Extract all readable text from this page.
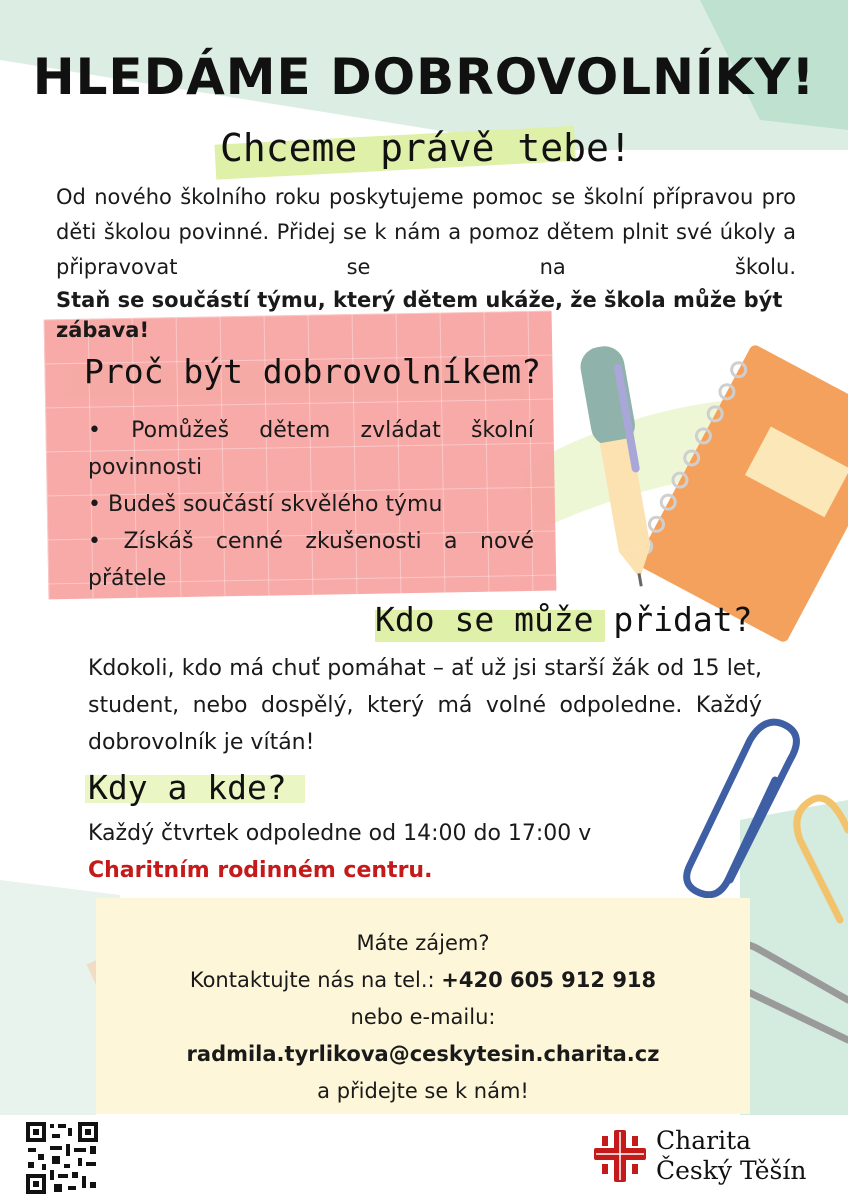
HLEDÁME DOBROVOLNÍKY!
Chceme právě tebe!

Od nového školního roku poskytujeme pomoc se školní přípravou pro děti školou povinné. Přidej se k nám a pomoz dětem plnit své úkoly a připravovat se na školu.

Staň se součástí týmu, který dětem ukáže, že škola může být zábava!

Proč být dobrovolníkem?
• Pomůžeš dětem zvládat školní povinnosti
• Budeš součástí skvělého týmu
• Získáš cenné zkušenosti a nové přátele
Kdo se může přidat?

Kdokoli, kdo má chuť pomáhat – ať už jsi starší žák od 15 let, student, nebo dospělý, který má volné odpoledne. Každý dobrovolník je vítán!

Kdy a kde?
Každý čtvrtek odpoledne od 14:00 do 17:00 v
Charitním rodinném centru.
Máte zájem?
Kontaktujte nás na tel.: +420 605 912 918
nebo e-mailu:
radmila.tyrlikova@ceskytesin.charita.cz
a přidejte se k nám!
Charita
Český Těšín
